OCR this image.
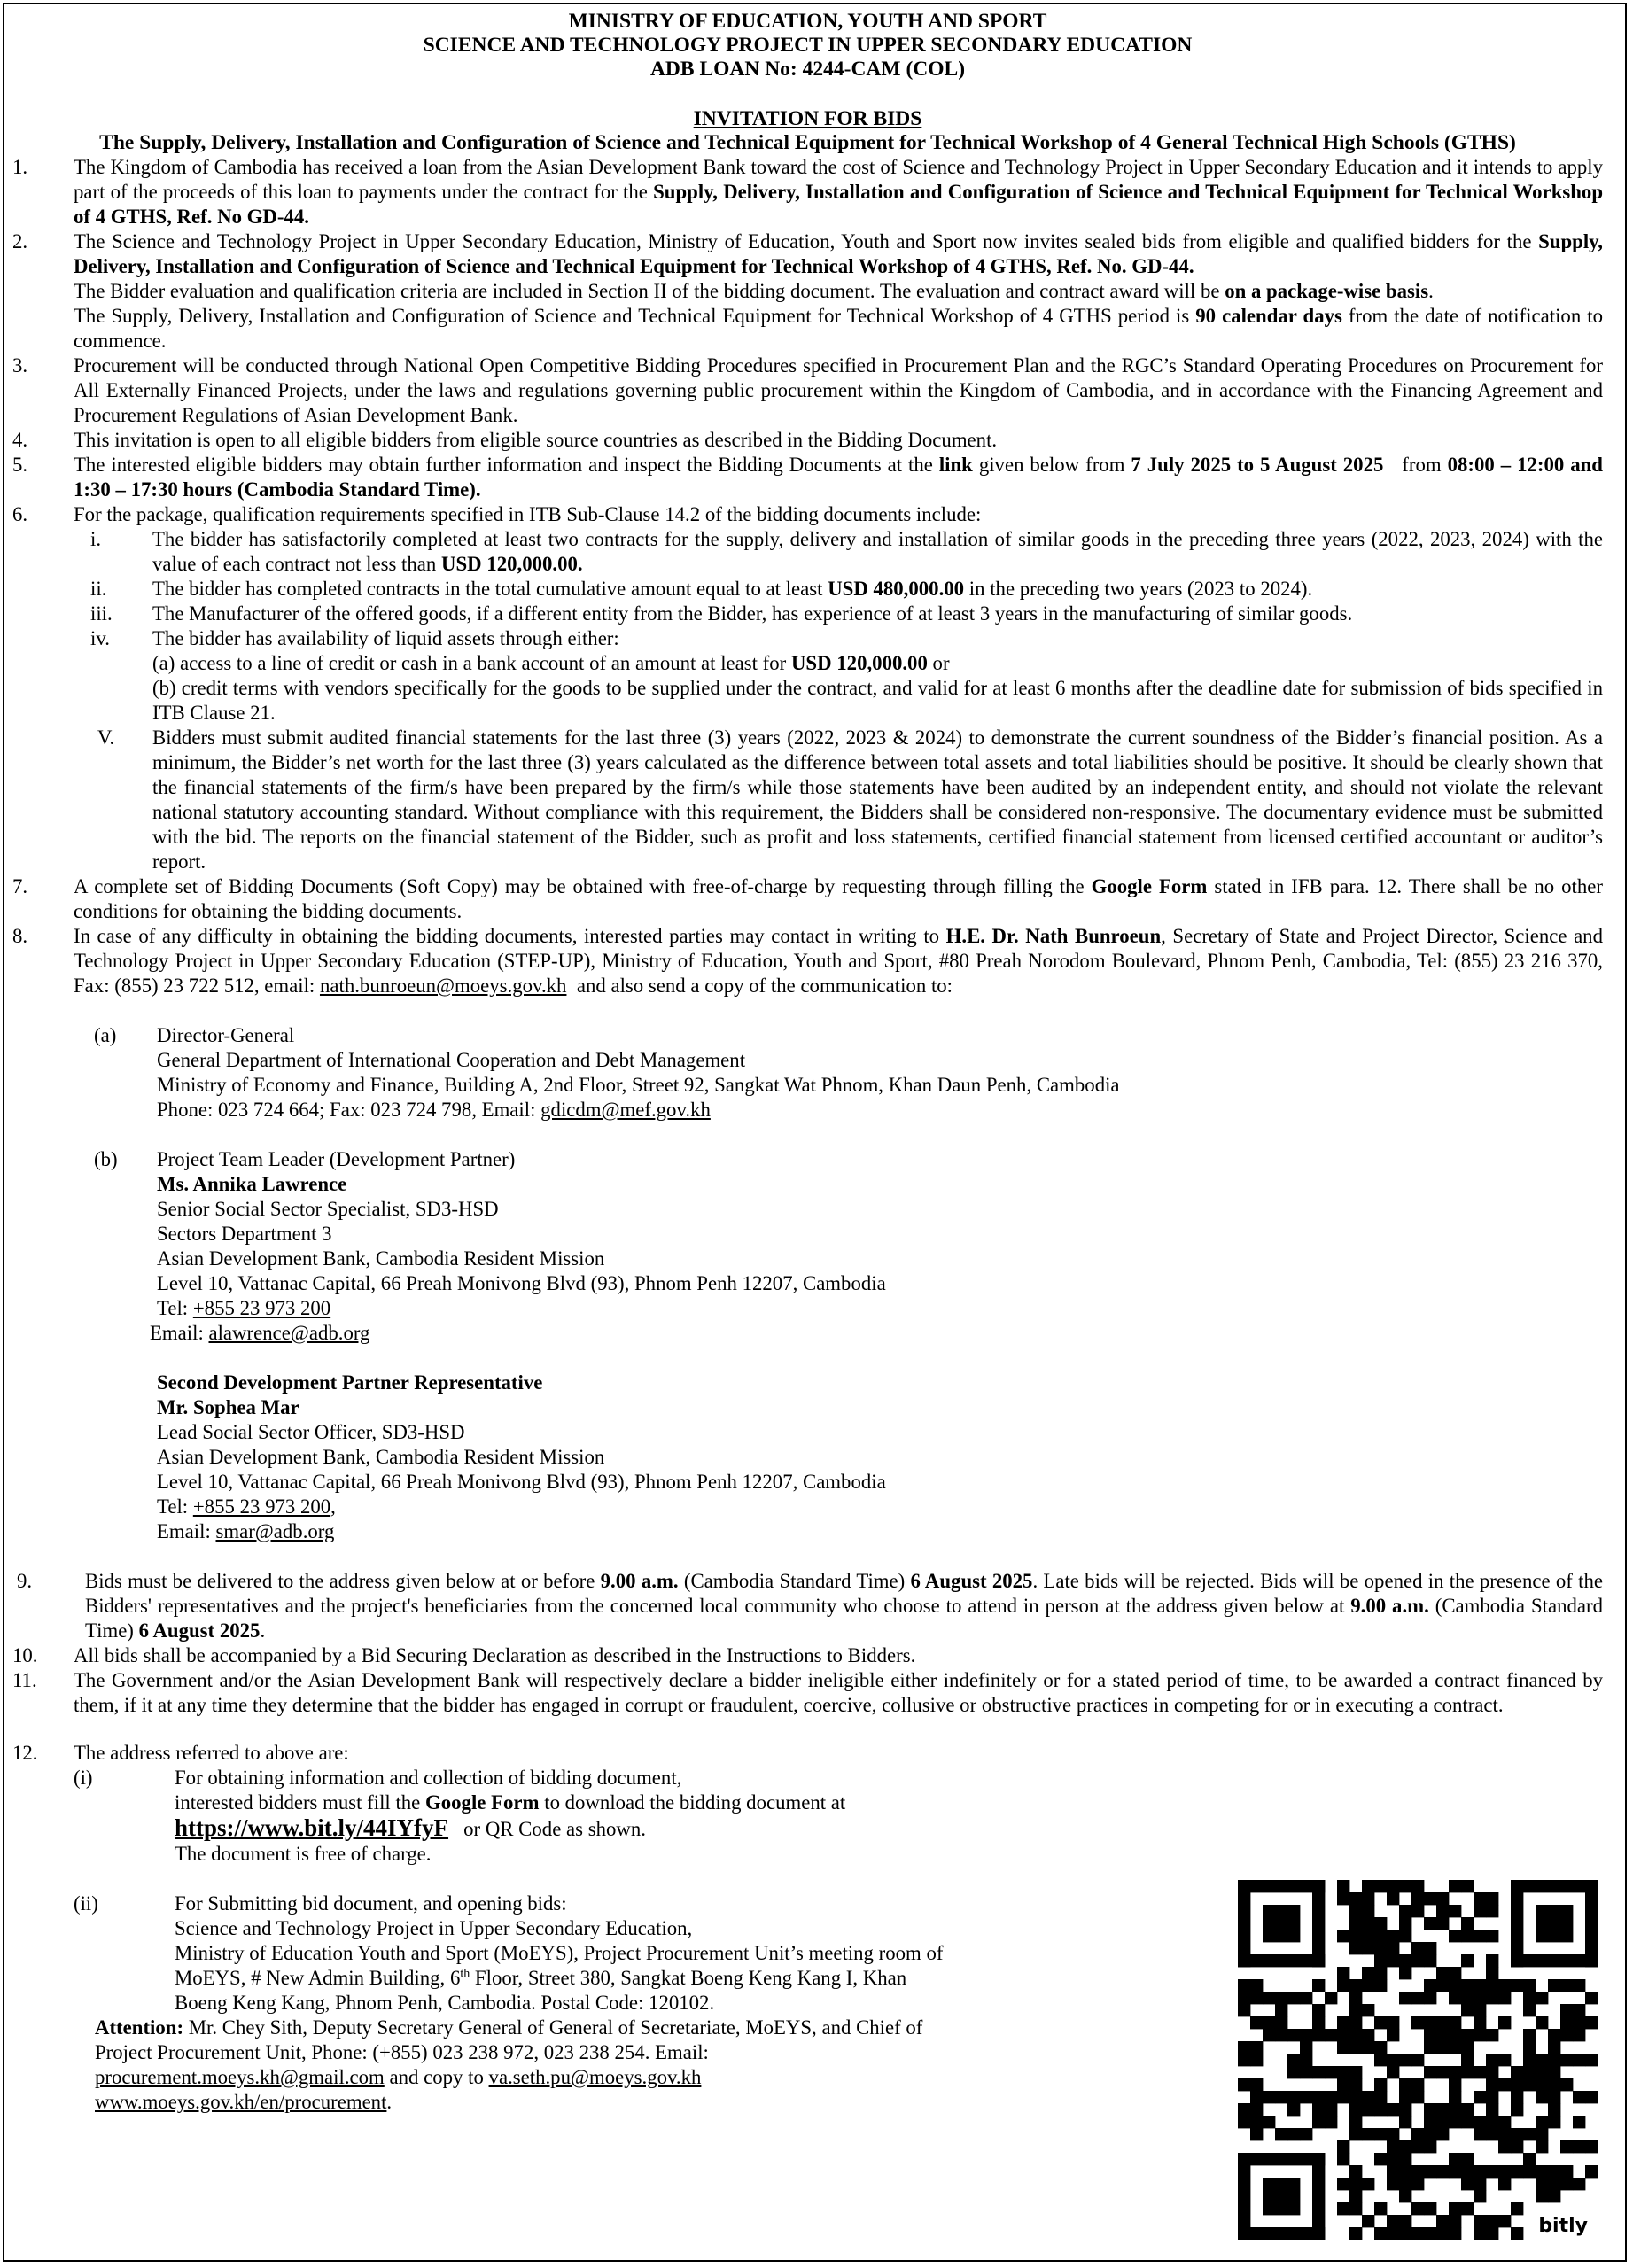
MINISTRY OF EDUCATION, YOUTH AND SPORT
SCIENCE AND TECHNOLOGY PROJECT IN UPPER SECONDARY EDUCATION
ADB LOAN No: 4244-CAM (COL)
INVITATION FOR BIDS
The Supply, Delivery, Installation and Configuration of Science and Technical Equipment for Technical Workshop of 4 General Technical High Schools (GTHS)
1.	The Kingdom of Cambodia has received a loan from the Asian Development Bank toward the cost of Science and Technology Project in Upper Secondary Education and it intends to apply part of the proceeds of this loan to payments under the contract for the Supply, Delivery, Installation and Configuration of Science and Technical Equipment for Technical Workshop of 4 GTHS, Ref. No GD-44.
2.	The Science and Technology Project in Upper Secondary Education, Ministry of Education, Youth and Sport now invites sealed bids from eligible and qualified bidders for the Supply, Delivery, Installation and Configuration of Science and Technical Equipment for Technical Workshop of 4 GTHS, Ref. No. GD-44.
The Bidder evaluation and qualification criteria are included in Section II of the bidding document. The evaluation and contract award will be on a package-wise basis.
The Supply, Delivery, Installation and Configuration of Science and Technical Equipment for Technical Workshop of 4 GTHS period is 90 calendar days from the date of notification to commence.
3.	Procurement will be conducted through National Open Competitive Bidding Procedures specified in Procurement Plan and the RGC’s Standard Operating Procedures on Procurement for All Externally Financed Projects, under the laws and regulations governing public procurement within the Kingdom of Cambodia, and in accordance with the Financing Agreement and Procurement Regulations of Asian Development Bank.
4.	This invitation is open to all eligible bidders from eligible source countries as described in the Bidding Document.
5.	The interested eligible bidders may obtain further information and inspect the Bidding Documents at the link given below from 7 July 2025 to 5 August 2025   from 08:00 – 12:00 and 1:30 – 17:30 hours (Cambodia Standard Time).
6.	For the package, qualification requirements specified in ITB Sub-Clause 14.2 of the bidding documents include:
i.	The bidder has satisfactorily completed at least two contracts for the supply, delivery and installation of similar goods in the preceding three years (2022, 2023, 2024) with the value of each contract not less than USD 120,000.00.
ii.	The bidder has completed contracts in the total cumulative amount equal to at least USD 480,000.00 in the preceding two years (2023 to 2024).
iii.	The Manufacturer of the offered goods, if a different entity from the Bidder, has experience of at least 3 years in the manufacturing of similar goods.
iv.	The bidder has availability of liquid assets through either:
(a) access to a line of credit or cash in a bank account of an amount at least for USD 120,000.00 or
(b) credit terms with vendors specifically for the goods to be supplied under the contract, and valid for at least 6 months after the deadline date for submission of bids specified in ITB Clause 21.
V.	Bidders must submit audited financial statements for the last three (3) years (2022, 2023 & 2024) to demonstrate the current soundness of the Bidder’s financial position. As a minimum, the Bidder’s net worth for the last three (3) years calculated as the difference between total assets and total liabilities should be positive. It should be clearly shown that the financial statements of the firm/s have been prepared by the firm/s while those statements have been audited by an independent entity, and should not violate the relevant national statutory accounting standard. Without compliance with this requirement, the Bidders shall be considered non-responsive. The documentary evidence must be submitted with the bid. The reports on the financial statement of the Bidder, such as profit and loss statements, certified financial statement from licensed certified accountant or auditor’s report.
7.	A complete set of Bidding Documents (Soft Copy) may be obtained with free-of-charge by requesting through filling the Google Form stated in IFB para. 12. There shall be no other conditions for obtaining the bidding documents.
8.	In case of any difficulty in obtaining the bidding documents, interested parties may contact in writing to H.E. Dr. Nath Bunroeun, Secretary of State and Project Director, Science and Technology Project in Upper Secondary Education (STEP-UP), Ministry of Education, Youth and Sport, #80 Preah Norodom Boulevard, Phnom Penh, Cambodia, Tel: (855) 23 216 370, Fax: (855) 23 722 512, email: nath.bunroeun@moeys.gov.kh  and also send a copy of the communication to:
(a)	Director-General
General Department of International Cooperation and Debt Management
Ministry of Economy and Finance, Building A, 2nd Floor, Street 92, Sangkat Wat Phnom, Khan Daun Penh, Cambodia
Phone: 023 724 664; Fax: 023 724 798, Email: gdicdm@mef.gov.kh
(b)	Project Team Leader (Development Partner)
Ms. Annika Lawrence
Senior Social Sector Specialist, SD3-HSD
Sectors Department 3
Asian Development Bank, Cambodia Resident Mission
Level 10, Vattanac Capital, 66 Preah Monivong Blvd (93), Phnom Penh 12207, Cambodia
Tel: +855 23 973 200
Email: alawrence@adb.org
Second Development Partner Representative
Mr. Sophea Mar
Lead Social Sector Officer, SD3-HSD
Asian Development Bank, Cambodia Resident Mission
Level 10, Vattanac Capital, 66 Preah Monivong Blvd (93), Phnom Penh 12207, Cambodia
Tel: +855 23 973 200,
Email: smar@adb.org
9.	Bids must be delivered to the address given below at or before 9.00 a.m. (Cambodia Standard Time) 6 August 2025. Late bids will be rejected. Bids will be opened in the presence of the Bidders' representatives and the project's beneficiaries from the concerned local community who choose to attend in person at the address given below at 9.00 a.m. (Cambodia Standard Time) 6 August 2025.
10.	All bids shall be accompanied by a Bid Securing Declaration as described in the Instructions to Bidders.
11.	The Government and/or the Asian Development Bank will respectively declare a bidder ineligible either indefinitely or for a stated period of time, to be awarded a contract financed by them, if it at any time they determine that the bidder has engaged in corrupt or fraudulent, coercive, collusive or obstructive practices in competing for or in executing a contract.
12.	The address referred to above are:
(i)	For obtaining information and collection of bidding document,
interested bidders must fill the Google Form to download the bidding document at
https://www.bit.ly/44IYfyF   or QR Code as shown.
The document is free of charge.
(ii)	For Submitting bid document, and opening bids:
Science and Technology Project in Upper Secondary Education,
Ministry of Education Youth and Sport (MoEYS), Project Procurement Unit’s meeting room of
MoEYS, # New Admin Building, 6th Floor, Street 380, Sangkat Boeng Keng Kang I, Khan
Boeng Keng Kang, Phnom Penh, Cambodia. Postal Code: 120102.
Attention: Mr. Chey Sith, Deputy Secretary General of General of Secretariate, MoEYS, and Chief of
Project Procurement Unit, Phone: (+855) 023 238 972, 023 238 254. Email:
procurement.moeys.kh@gmail.com and copy to va.seth.pu@moeys.gov.kh
www.moeys.gov.kh/en/procurement.
bitly
